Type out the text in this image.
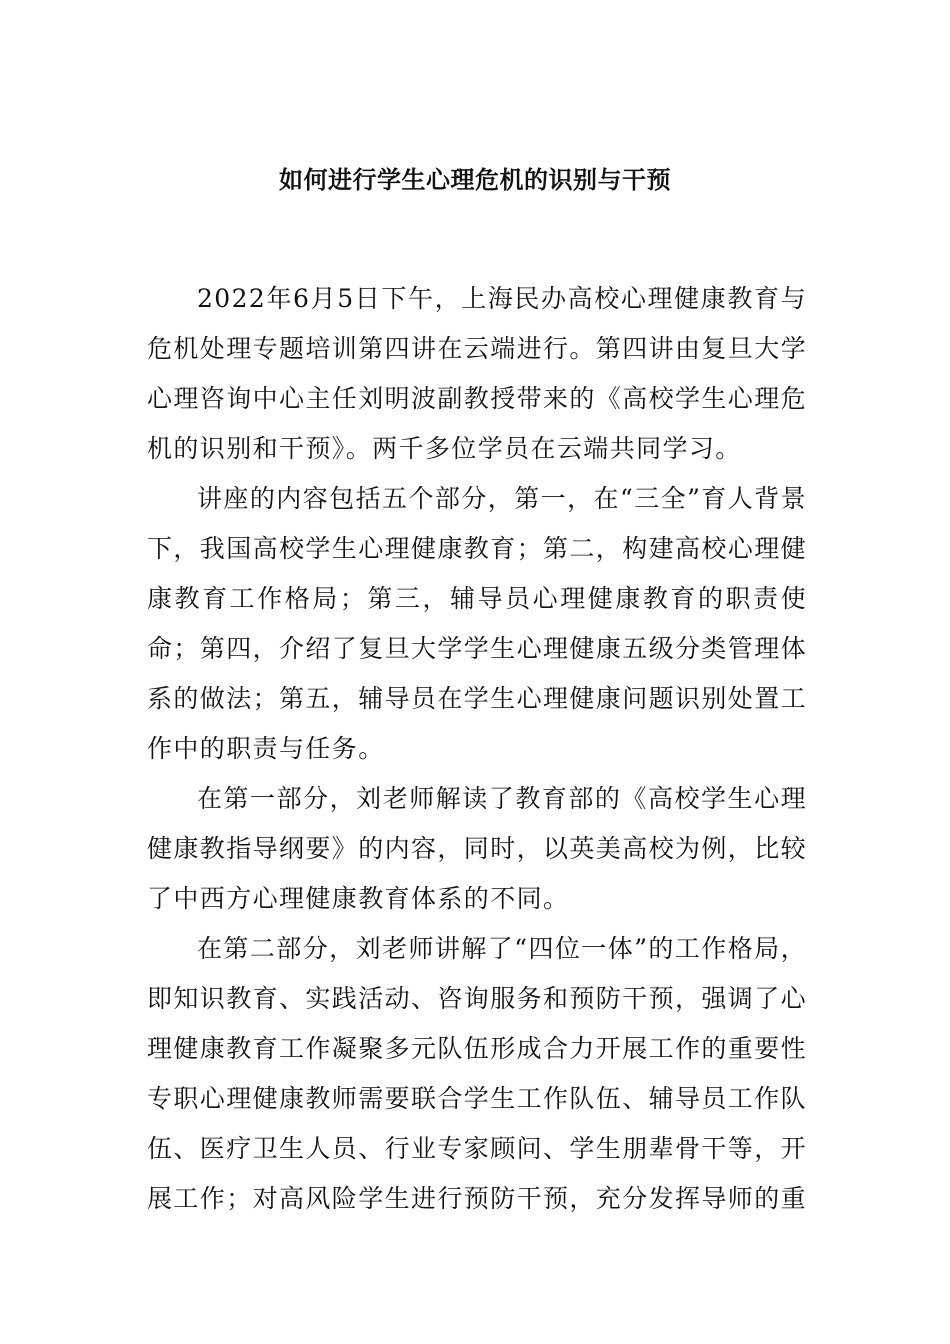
如何进行学生心理危机的识别与干预

2022年6月5日下午，上海民办高校心理健康教育与危机处理专题培训第四讲在云端进行。第四讲由复旦大学心理咨询中心主任刘明波副教授带来的《高校学生心理危机的识别和干预》。两千多位学员在云端共同学习。

讲座的内容包括五个部分，第一，在“三全”育人背景下，我国高校学生心理健康教育；第二，构建高校心理健康教育工作格局；第三，辅导员心理健康教育的职责使命；第四，介绍了复旦大学学生心理健康五级分类管理体系的做法；第五，辅导员在学生心理健康问题识别处置工作中的职责与任务。

在第一部分，刘老师解读了教育部的《高校学生心理健康教指导纲要》的内容，同时，以英美高校为例，比较了中西方心理健康教育体系的不同。

在第二部分，刘老师讲解了“四位一体”的工作格局，即知识教育、实践活动、咨询服务和预防干预，强调了心理健康教育工作凝聚多元队伍形成合力开展工作的重要性专职心理健康教师需要联合学生工作队伍、辅导员工作队伍、医疗卫生人员、行业专家顾问、学生朋辈骨干等，开展工作；对高风险学生进行预防干预，充分发挥导师的重
